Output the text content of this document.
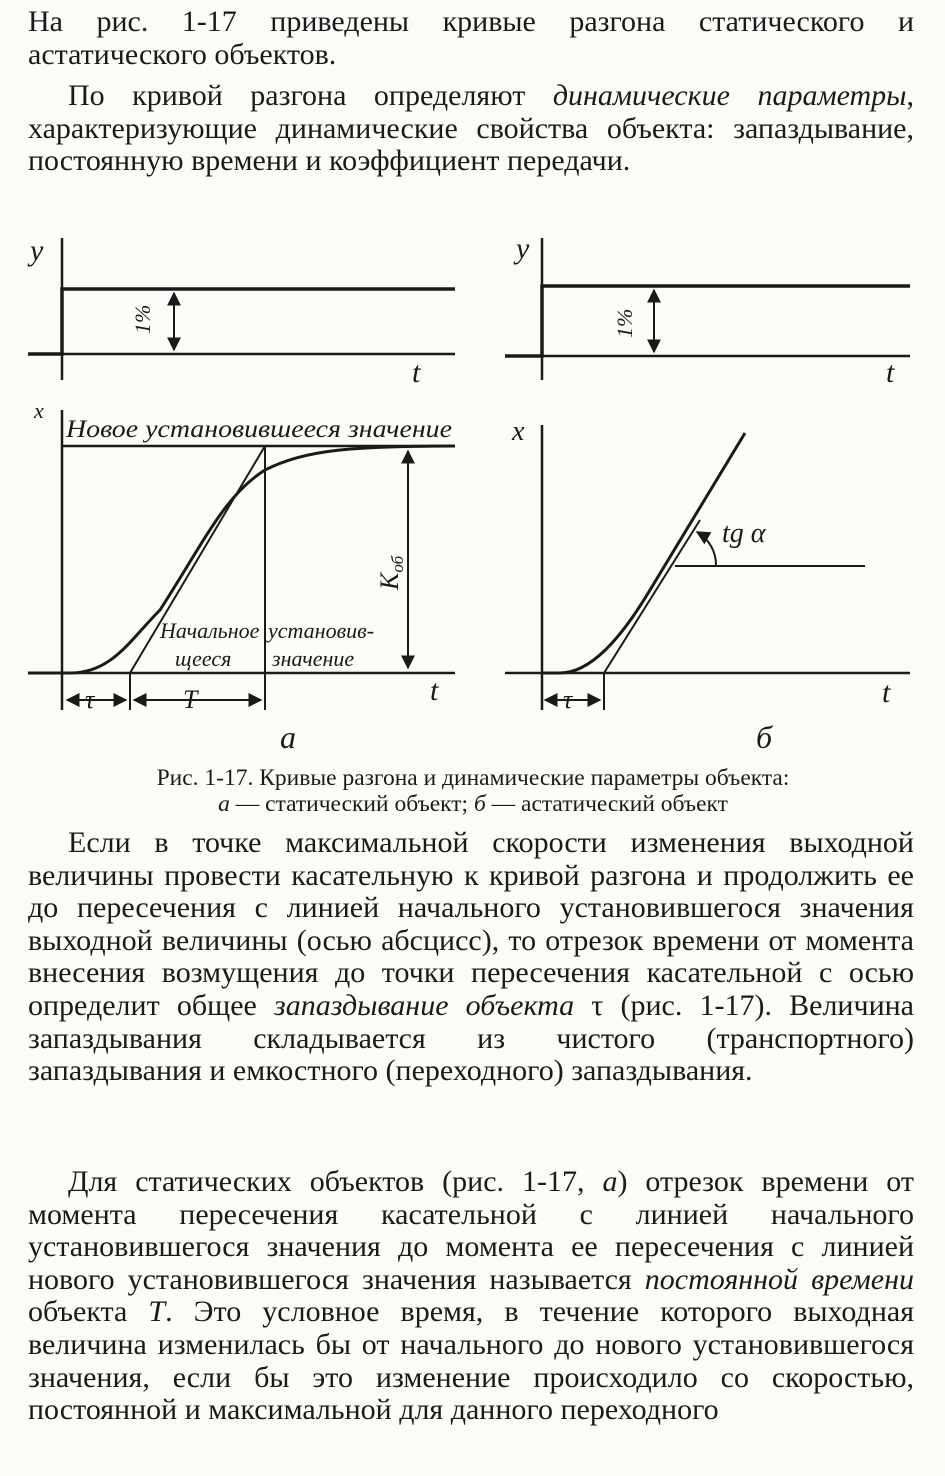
На рис. 1-17 приведены кривые разгона статического и астатического объектов.

По кривой разгона определяют динамические параметры, характеризующие динамические свойства объекта: запаздывание, постоянную времени и коэффициент передачи.

y
t
1%
x
Новое установившееся значение
Начальное
щееся
установив-
значение
Kоб
τ	T	t
а
y
t
1%
x
tg α
τ	t
б

Рис. 1-17. Кривые разгона и динамические параметры объекта:
а — статический объект; б — астатический объект

Если в точке максимальной скорости изменения выходной величины провести касательную к кривой разгона и продолжить ее до пересечения с линией начального установившегося значения выходной величины (осью абсцисс), то отрезок времени от момента внесения возмущения до точки пересечения касательной с осью определит общее запаздывание объекта τ (рис. 1-17). Величина запаздывания складывается из чистого (транспортного) запаздывания и емкостного (переходного) запаздывания.

Для статических объектов (рис. 1-17, а) отрезок времени от момента пересечения касательной с линией начального установившегося значения до момента ее пересечения с линией нового установившегося значения называется постоянной времени объекта T. Это условное время, в течение которого выходная величина изменилась бы от начального до нового установившегося значения, если бы это изменение происходило со скоростью, постоянной и максимальной для данного переходного
